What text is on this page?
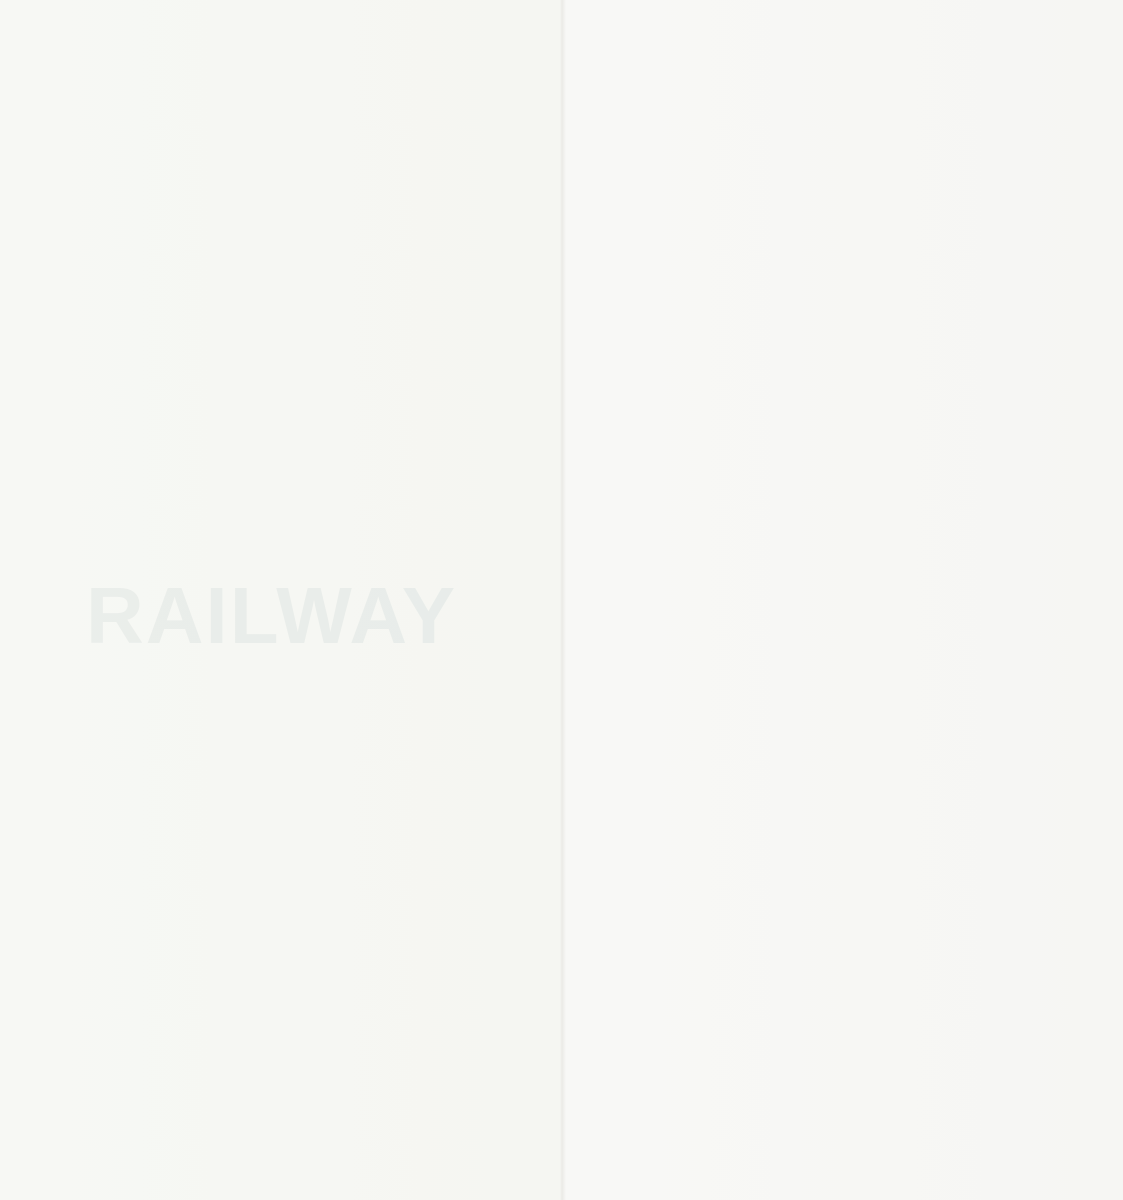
RAILWAY
